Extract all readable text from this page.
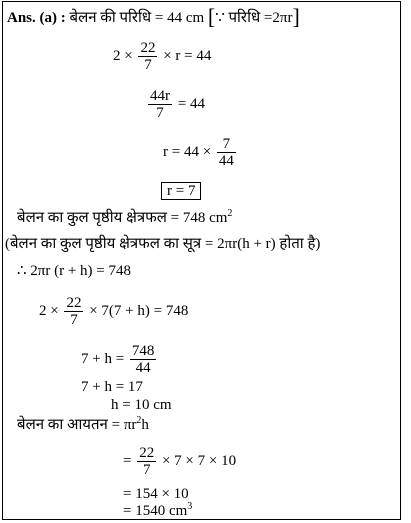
Ans. (a) : बेलन की परिधि = 44 cm [∵ परिधि =2πr]
$2 \times \frac{22}{7} \times r = 44$
$\frac{44r}{7} = 44$
$r = 44 \times \frac{7}{44}$
r = 7
बेलन का कुल पृष्ठीय क्षेत्रफल = 748 $cm^2$
(बेलन का कुल पृष्ठीय क्षेत्रफल का सूत्र = 2πr(h + r) होता है)
∴ 2πr (r + h) = 748
$2 \times \frac{22}{7} \times 7(7 + h) = 748$
$7 + h = \frac{748}{44}$
7 + h = 17
h = 10 cm
बेलन का आयतन = $\pi r^2h$
= $\frac{22}{7} \times 7 \times 7 \times 10$
= 154 × 10
= 1540 $cm^3$
